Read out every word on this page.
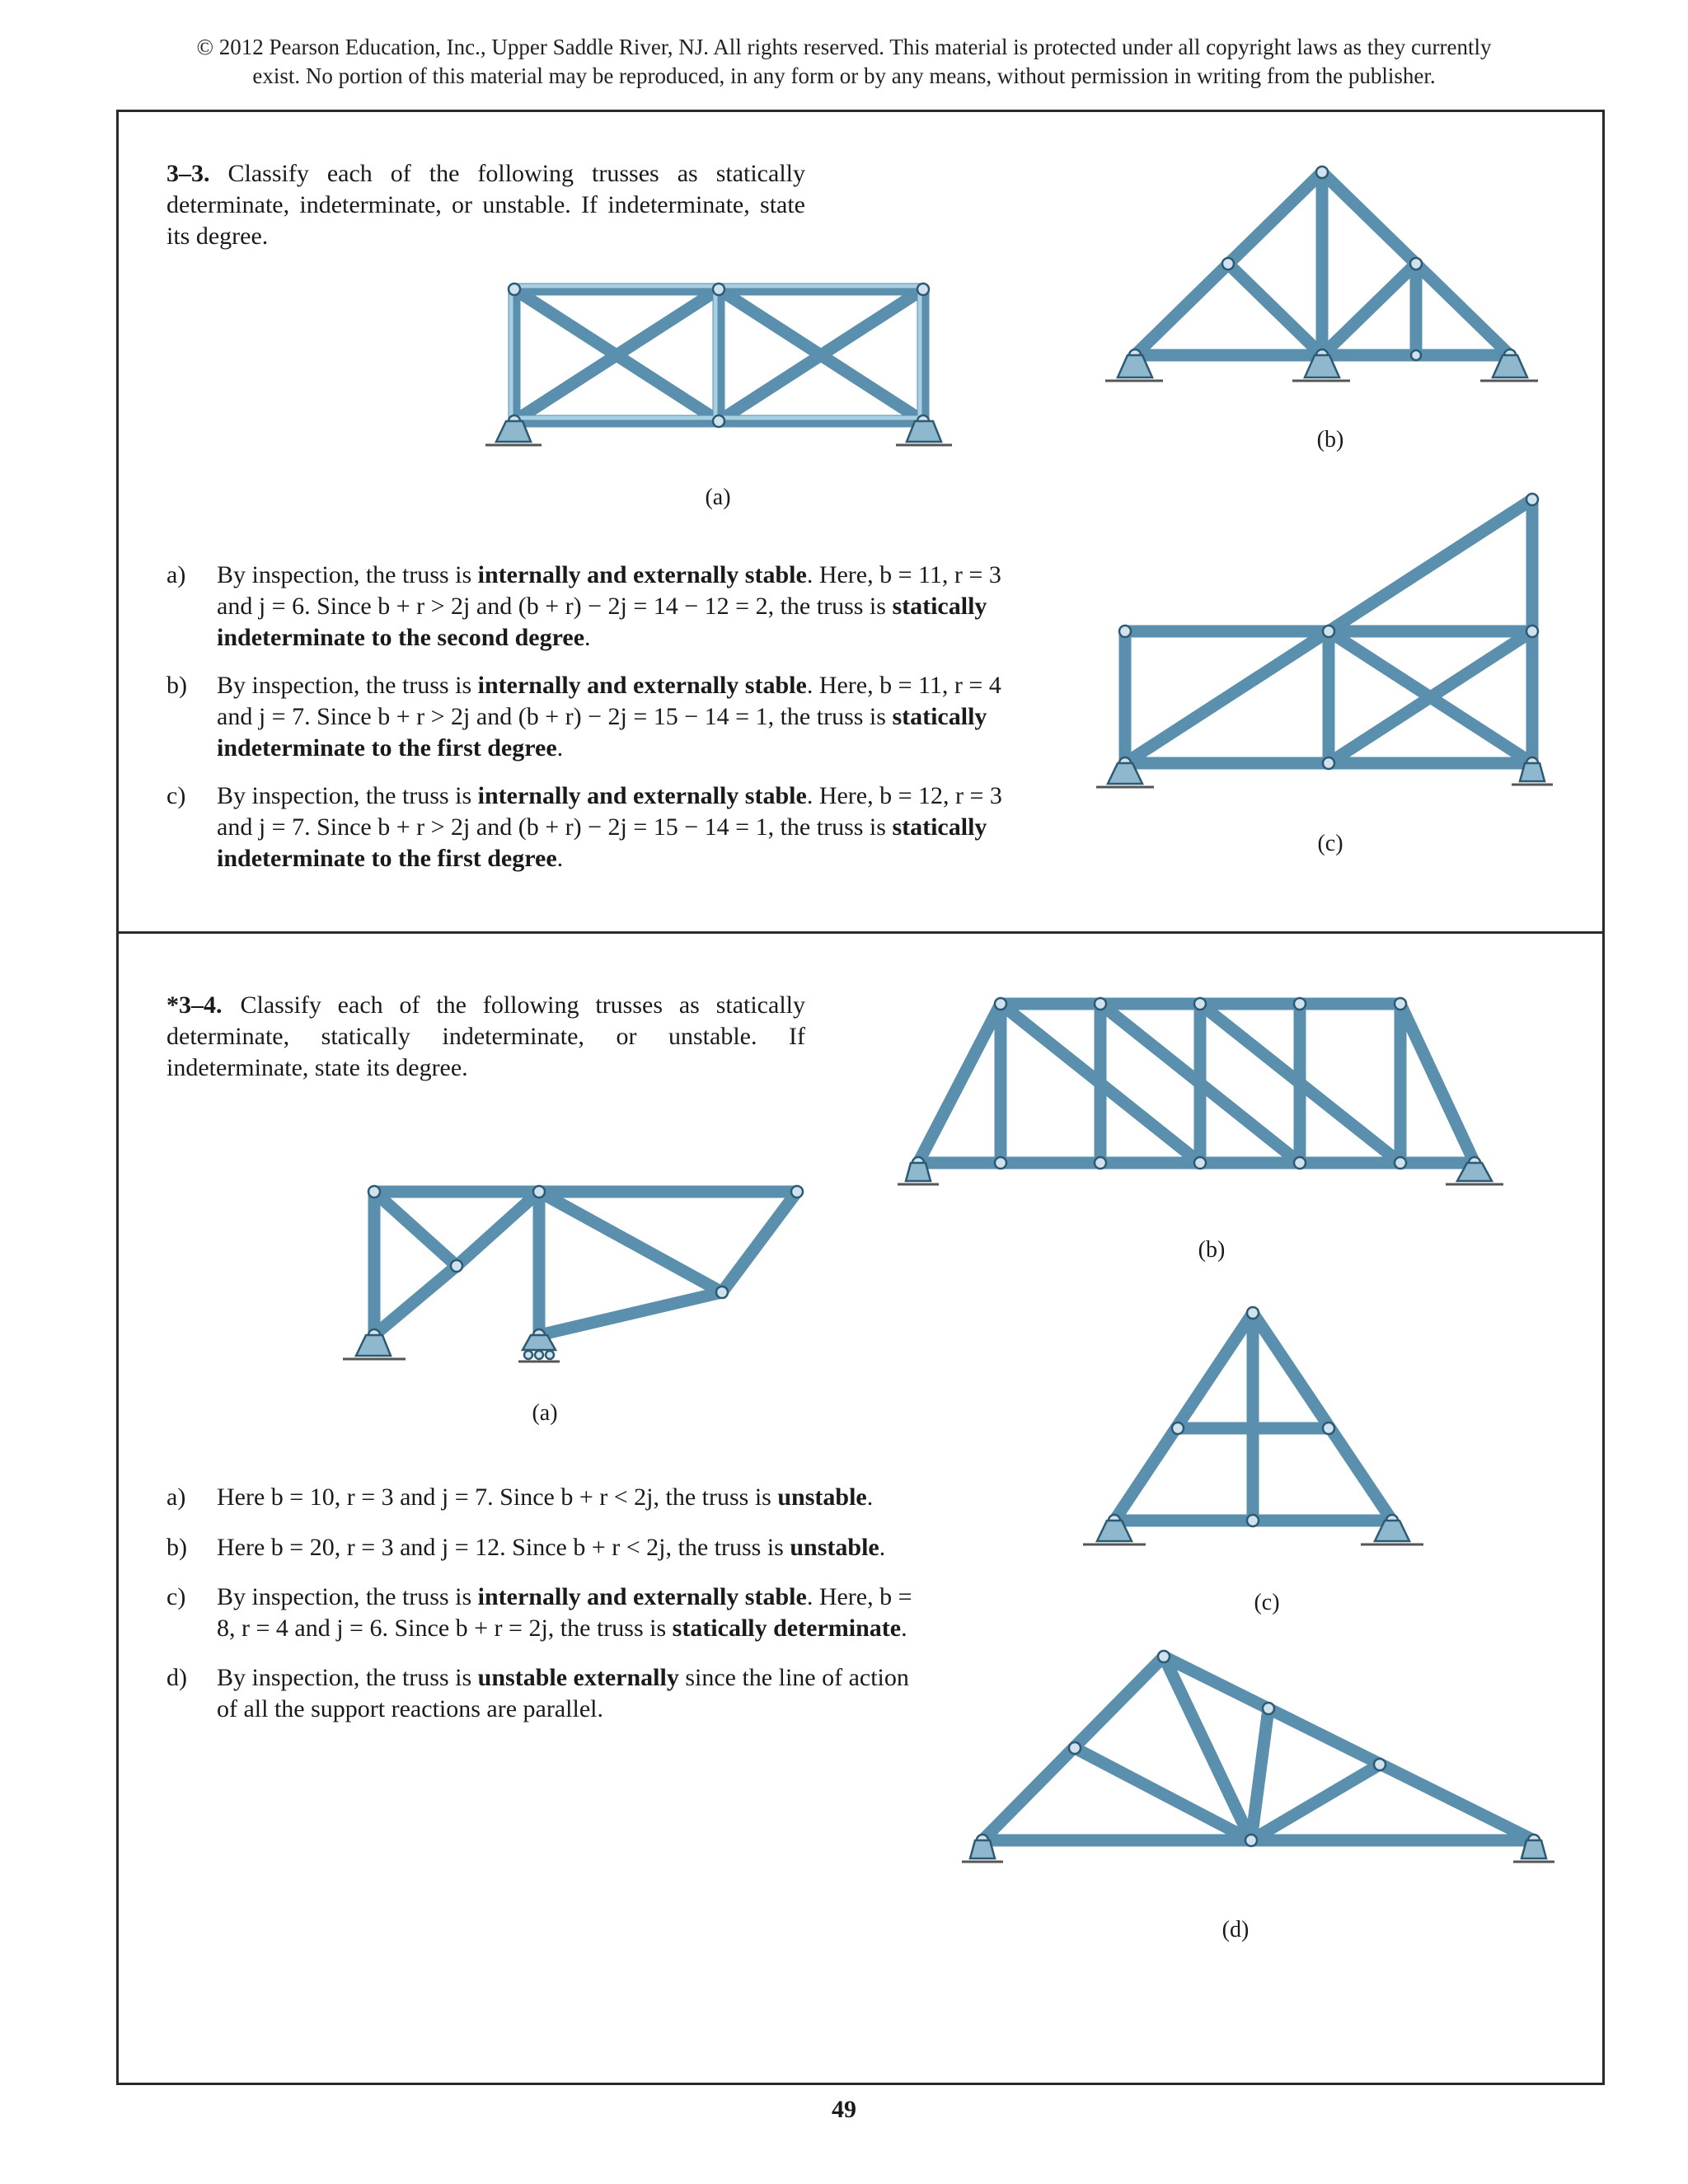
© 2012 Pearson Education, Inc., Upper Saddle River, NJ. All rights reserved. This material is protected under all copyright laws as they currently
exist. No portion of this material may be reproduced, in any form or by any means, without permission in writing from the publisher.
3–3. Classify each of the following trusses as statically determinate, indeterminate, or unstable. If indeterminate, state its degree.
a) By inspection, the truss is internally and externally stable. Here, b = 11, r = 3 and j = 6. Since b + r > 2j and (b + r) − 2j = 14 − 12 = 2, the truss is statically indeterminate to the second degree.
b) By inspection, the truss is internally and externally stable. Here, b = 11, r = 4 and j = 7. Since b + r > 2j and (b + r) − 2j = 15 − 14 = 1, the truss is statically indeterminate to the first degree.
c) By inspection, the truss is internally and externally stable. Here, b = 12, r = 3 and j = 7. Since b + r > 2j and (b + r) − 2j = 15 − 14 = 1, the truss is statically indeterminate to the first degree.
(a)
(b)
(c)
*3–4. Classify each of the following trusses as statically determinate, statically indeterminate, or unstable. If indeterminate, state its degree.
a) Here b = 10, r = 3 and j = 7. Since b + r < 2j, the truss is unstable.
b) Here b = 20, r = 3 and j = 12. Since b + r < 2j, the truss is unstable.
c) By inspection, the truss is internally and externally stable. Here, b = 8, r = 4 and j = 6. Since b + r = 2j, the truss is statically determinate.
d) By inspection, the truss is unstable externally since the line of action of all the support reactions are parallel.
(a)
(b)
(c)
(d)
49
